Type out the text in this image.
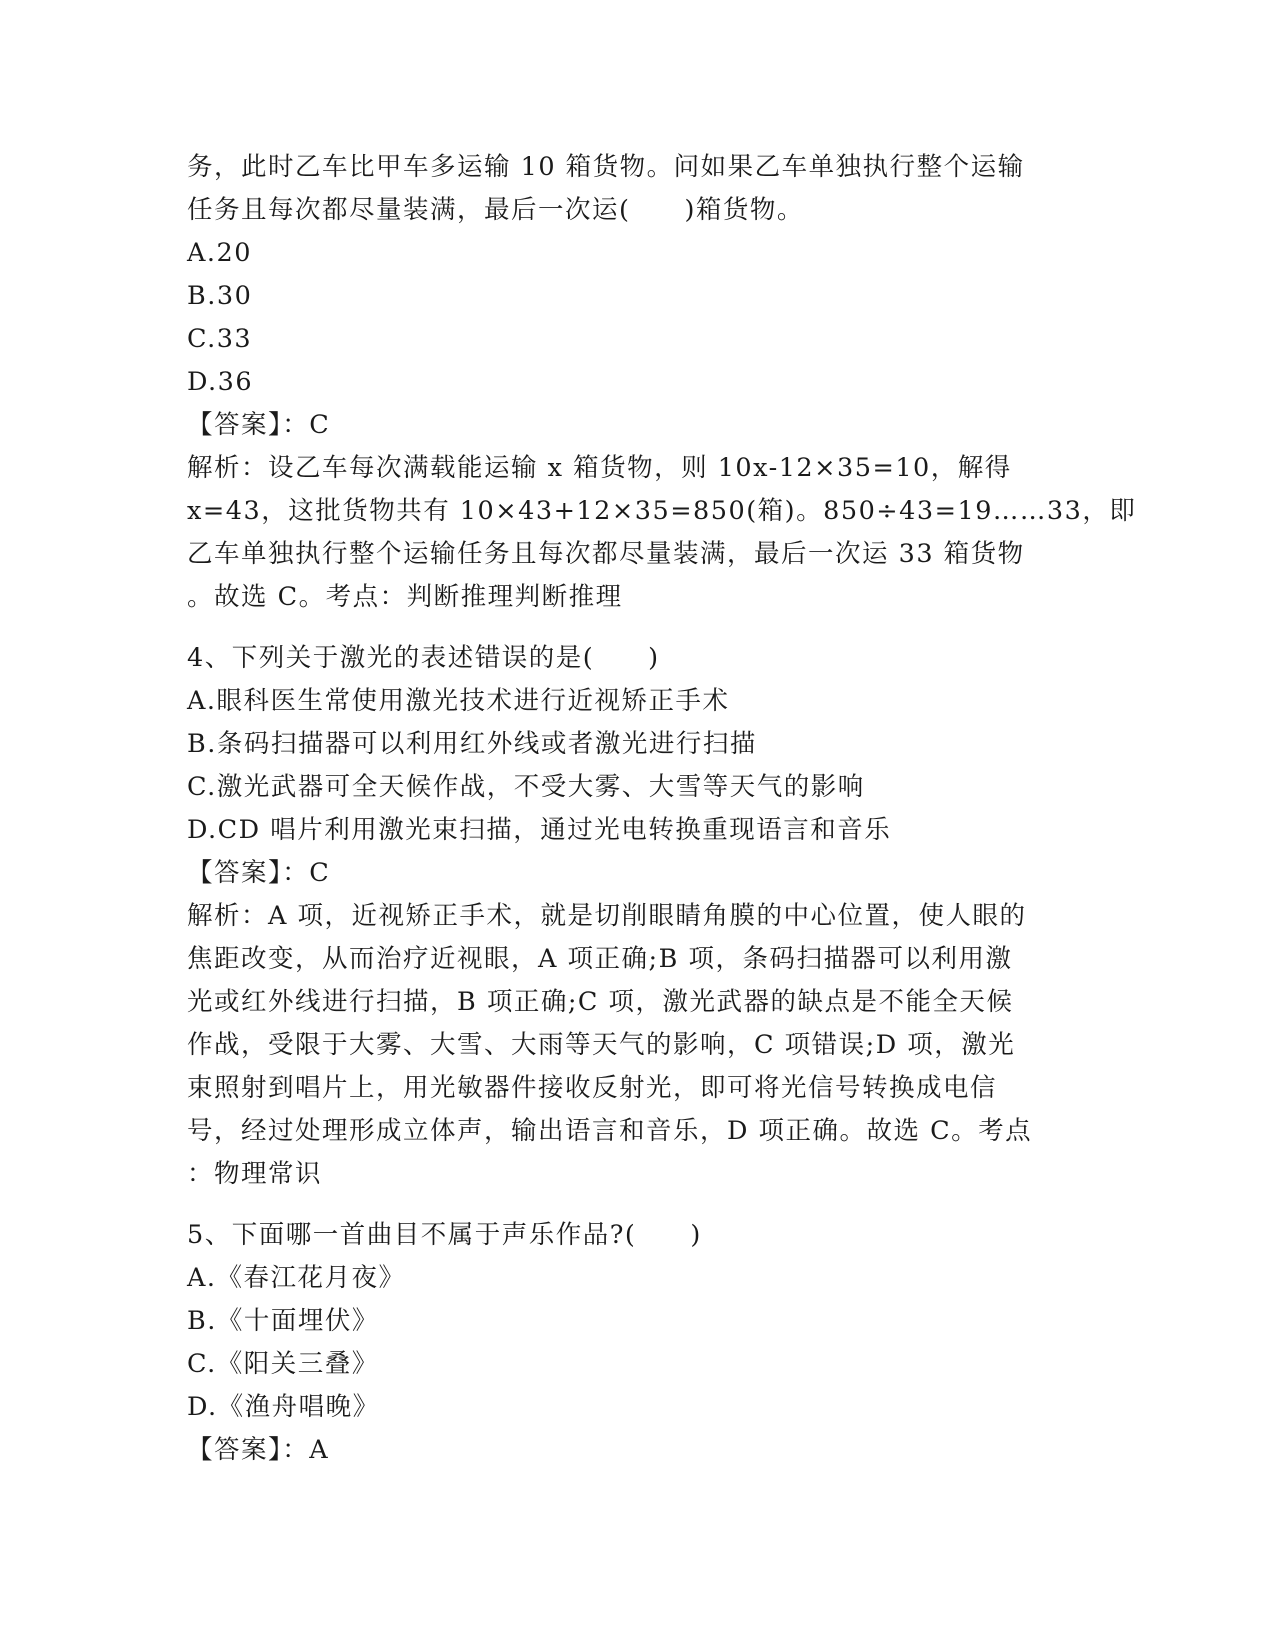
务，此时乙车比甲车多运输 10 箱货物。问如果乙车单独执行整个运输
任务且每次都尽量装满，最后一次运(　　)箱货物。
A.20
B.30
C.33
D.36
【答案】：C
解析：设乙车每次满载能运输 x 箱货物，则 10x-12×35=10，解得
x=43，这批货物共有 10×43+12×35=850(箱)。850÷43=19……33，即
乙车单独执行整个运输任务且每次都尽量装满，最后一次运 33 箱货物
。故选 C。考点：判断推理判断推理
4、下列关于激光的表述错误的是(　　)
A.眼科医生常使用激光技术进行近视矫正手术
B.条码扫描器可以利用红外线或者激光进行扫描
C.激光武器可全天候作战，不受大雾、大雪等天气的影响
D.CD 唱片利用激光束扫描，通过光电转换重现语言和音乐
【答案】：C
解析：A 项，近视矫正手术，就是切削眼睛角膜的中心位置，使人眼的
焦距改变，从而治疗近视眼，A 项正确;B 项，条码扫描器可以利用激
光或红外线进行扫描，B 项正确;C 项，激光武器的缺点是不能全天候
作战，受限于大雾、大雪、大雨等天气的影响，C 项错误;D 项，激光
束照射到唱片上，用光敏器件接收反射光，即可将光信号转换成电信
号，经过处理形成立体声，输出语言和音乐，D 项正确。故选 C。考点
：物理常识
5、下面哪一首曲目不属于声乐作品?(　　)
A.《春江花月夜》
B.《十面埋伏》
C.《阳关三叠》
D.《渔舟唱晚》
【答案】：A
